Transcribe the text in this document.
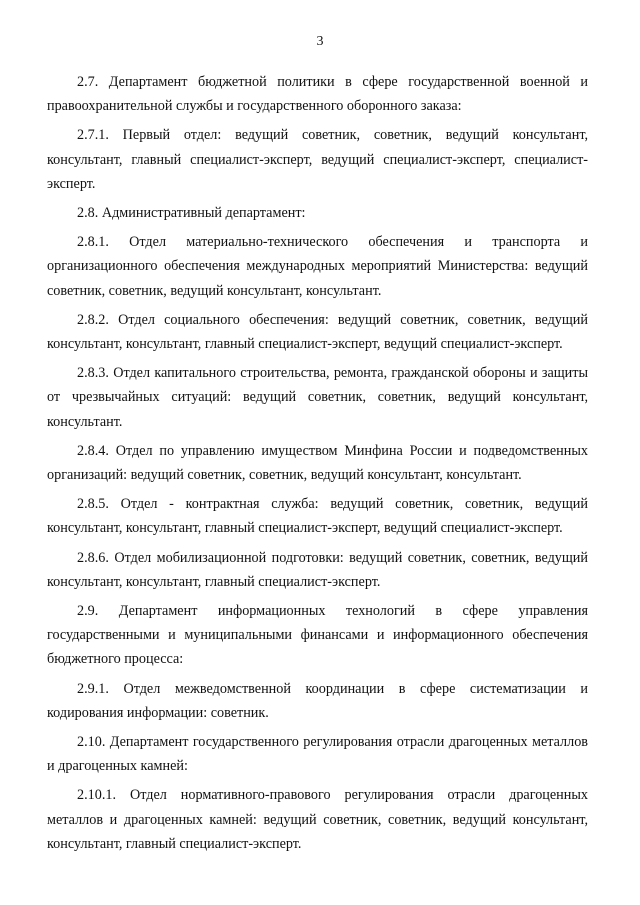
3

2.7. Департамент бюджетной политики в сфере государственной военной и правоохранительной службы и государственного оборонного заказа:

2.7.1. Первый отдел: ведущий советник, советник, ведущий консультант, консультант, главный специалист-эксперт, ведущий специалист-эксперт, специалист-эксперт.

2.8. Административный департамент:

2.8.1. Отдел материально-технического обеспечения и транспорта и организационного обеспечения международных мероприятий Министерства: ведущий советник, советник, ведущий консультант, консультант.

2.8.2. Отдел социального обеспечения: ведущий советник, советник, ведущий консультант, консультант, главный специалист-эксперт, ведущий специалист-эксперт.

2.8.3. Отдел капитального строительства, ремонта, гражданской обороны и защиты от чрезвычайных ситуаций: ведущий советник, советник, ведущий консультант, консультант.

2.8.4. Отдел по управлению имуществом Минфина России и подведомственных организаций: ведущий советник, советник, ведущий консультант, консультант.

2.8.5. Отдел - контрактная служба: ведущий советник, советник, ведущий консультант, консультант, главный специалист-эксперт, ведущий специалист-эксперт.

2.8.6. Отдел мобилизационной подготовки: ведущий советник, советник, ведущий консультант, консультант, главный специалист-эксперт.

2.9. Департамент информационных технологий в сфере управления государственными и муниципальными финансами и информационного обеспечения бюджетного процесса:

2.9.1. Отдел межведомственной координации в сфере систематизации и кодирования информации: советник.

2.10. Департамент государственного регулирования отрасли драгоценных металлов и драгоценных камней:

2.10.1. Отдел нормативного-правового регулирования отрасли драгоценных металлов и драгоценных камней: ведущий советник, советник, ведущий консультант, консультант, главный специалист-эксперт.
